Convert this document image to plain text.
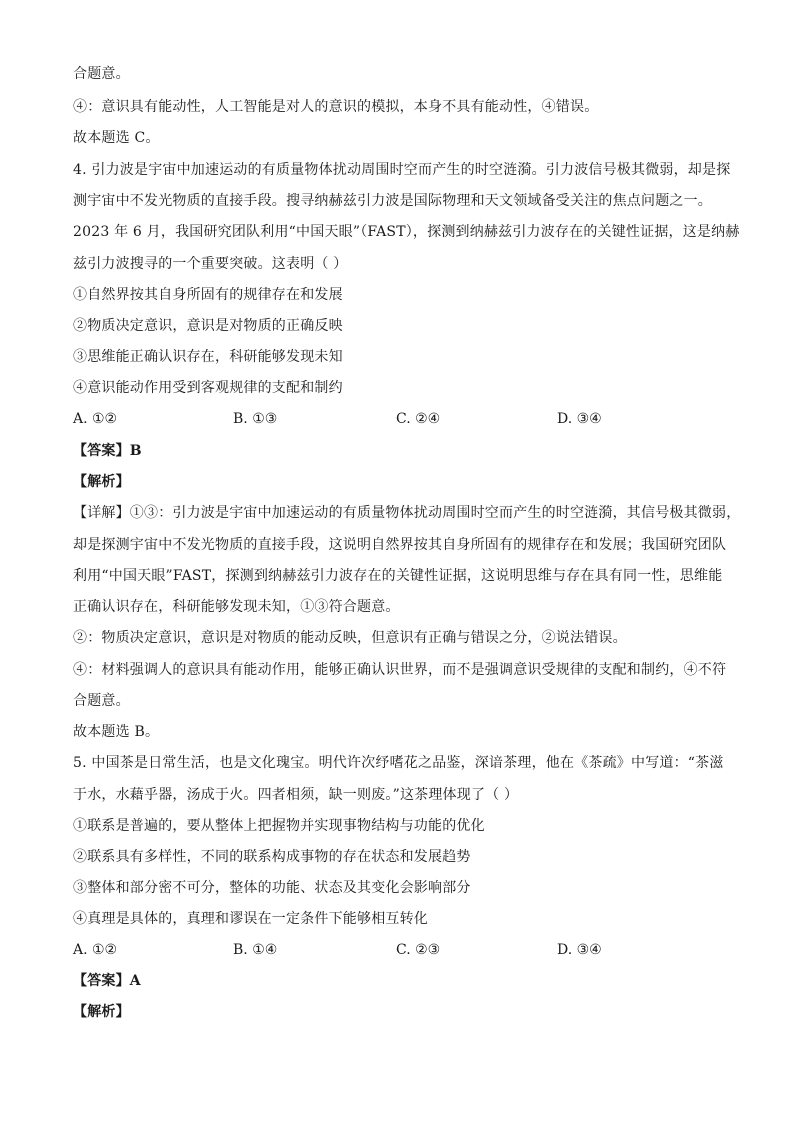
合题意。
④：意识具有能动性，人工智能是对人的意识的模拟，本身不具有能动性，④错误。
故本题选 C。
4. 引力波是宇宙中加速运动的有质量物体扰动周围时空而产生的时空涟漪。引力波信号极其微弱，却是探
测宇宙中不发光物质的直接手段。搜寻纳赫兹引力波是国际物理和天文领域备受关注的焦点问题之一。
2023 年 6 月，我国研究团队利用“中国天眼”（FAST），探测到纳赫兹引力波存在的关键性证据，这是纳赫
兹引力波搜寻的一个重要突破。这表明（ ）
①自然界按其自身所固有的规律存在和发展
②物质决定意识，意识是对物质的正确反映
③思维能正确认识存在，科研能够发现未知
④意识能动作用受到客观规律的支配和制约
A. ①②	B. ①③	C. ②④	D. ③④
【答案】B
【解析】
【详解】①③：引力波是宇宙中加速运动的有质量物体扰动周围时空而产生的时空涟漪，其信号极其微弱，
却是探测宇宙中不发光物质的直接手段，这说明自然界按其自身所固有的规律存在和发展；我国研究团队
利用“中国天眼”FAST，探测到纳赫兹引力波存在的关键性证据，这说明思维与存在具有同一性，思维能
正确认识存在，科研能够发现未知，①③符合题意。
②：物质决定意识，意识是对物质的能动反映，但意识有正确与错误之分，②说法错误。
④：材料强调人的意识具有能动作用，能够正确认识世界，而不是强调意识受规律的支配和制约，④不符
合题意。
故本题选 B。
5. 中国茶是日常生活，也是文化瑰宝。明代许次纾嗜花之品鉴，深谙茶理，他在《茶疏》中写道：“茶滋
于水，水藉乎器，汤成于火。四者相须，缺一则废。”这茶理体现了（ ）
①联系是普遍的，要从整体上把握物并实现事物结构与功能的优化
②联系具有多样性，不同的联系构成事物的存在状态和发展趋势
③整体和部分密不可分，整体的功能、状态及其变化会影响部分
④真理是具体的，真理和谬误在一定条件下能够相互转化
A. ①②	B. ①④	C. ②③	D. ③④
【答案】A
【解析】
